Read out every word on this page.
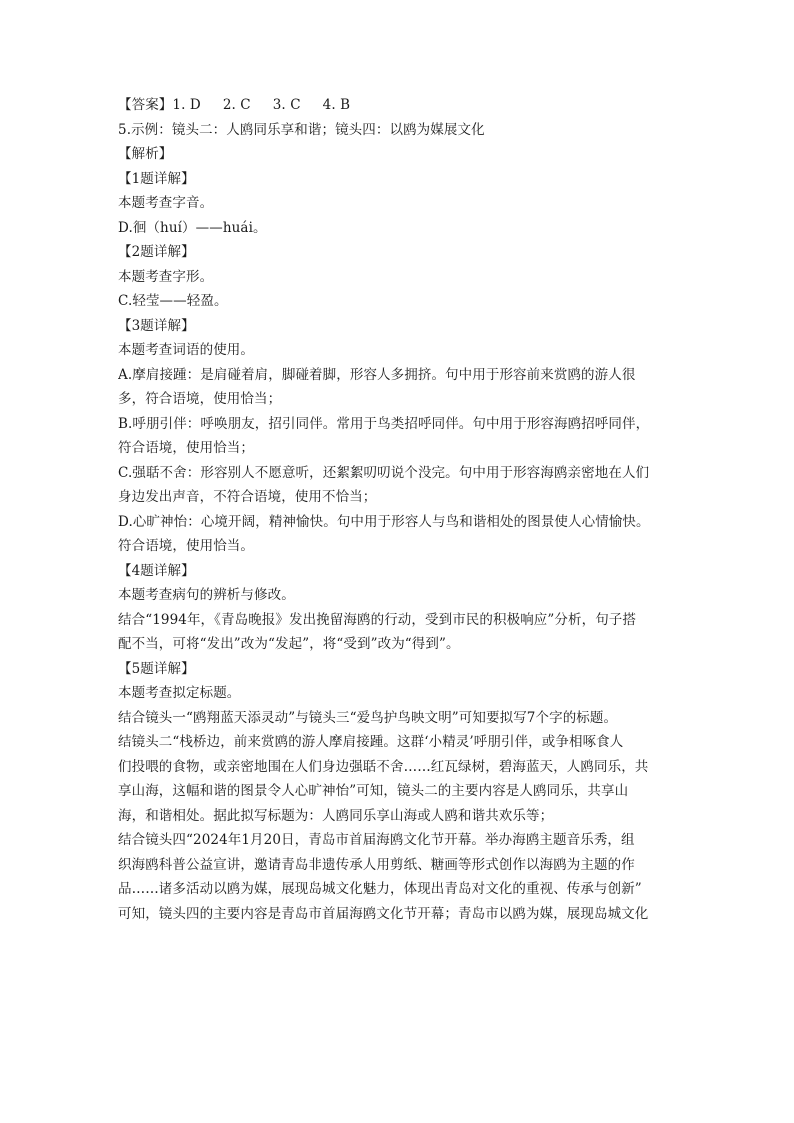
【答案】1. D 2. C 3. C 4. B
5.示例：镜头二：人鸥同乐享和谐；镜头四：以鸥为媒展文化
【解析】
【1题详解】
本题考查字音。
D.徊（huí）——huái。
【2题详解】
本题考查字形。
C.轻莹——轻盈。
【3题详解】
本题考查词语的使用。
A.摩肩接踵：是肩碰着肩，脚碰着脚，形容人多拥挤。句中用于形容前来赏鸥的游人很
多，符合语境，使用恰当；
B.呼朋引伴：呼唤朋友，招引同伴。常用于鸟类招呼同伴。句中用于形容海鸥招呼同伴，
符合语境，使用恰当；
C.强聒不舍：形容别人不愿意听，还絮絮叨叨说个没完。句中用于形容海鸥亲密地在人们
身边发出声音，不符合语境，使用不恰当；
D.心旷神怡：心境开阔，精神愉快。句中用于形容人与鸟和谐相处的图景使人心情愉快。
符合语境，使用恰当。
【4题详解】
本题考查病句的辨析与修改。
结合“1994年，《青岛晚报》发出挽留海鸥的行动，受到市民的积极响应”分析，句子搭
配不当，可将“发出”改为“发起”，将“受到”改为“得到”。
【5题详解】
本题考查拟定标题。
结合镜头一“鸥翔蓝天添灵动”与镜头三“爱鸟护鸟映文明”可知要拟写7个字的标题。
结镜头二“栈桥边，前来赏鸥的游人摩肩接踵。这群‘小精灵’呼朋引伴，或争相啄食人
们投喂的食物，或亲密地围在人们身边强聒不舍……红瓦绿树，碧海蓝天，人鸥同乐，共
享山海，这幅和谐的图景令人心旷神怡”可知，镜头二的主要内容是人鸥同乐，共享山
海，和谐相处。据此拟写标题为：人鸥同乐享山海或人鸥和谐共欢乐等；
结合镜头四“2024年1月20日，青岛市首届海鸥文化节开幕。举办海鸥主题音乐秀，组
织海鸥科普公益宣讲，邀请青岛非遗传承人用剪纸、糖画等形式创作以海鸥为主题的作
品……诸多活动以鸥为媒，展现岛城文化魅力，体现出青岛对文化的重视、传承与创新”
可知，镜头四的主要内容是青岛市首届海鸥文化节开幕；青岛市以鸥为媒，展现岛城文化
